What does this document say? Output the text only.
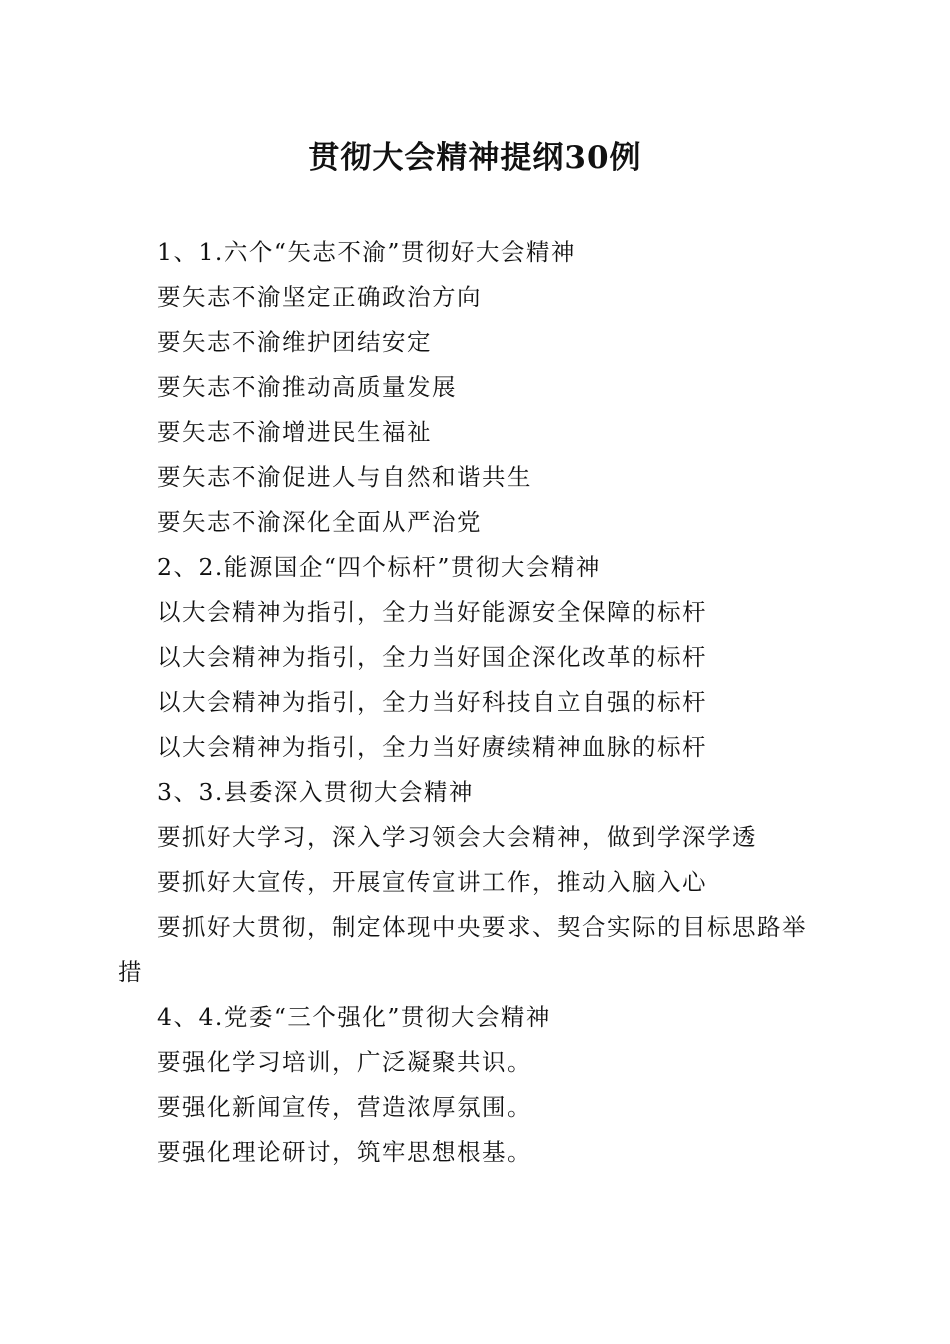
贯彻大会精神提纲30例

1、1.六个“矢志不渝”贯彻好大会精神

要矢志不渝坚定正确政治方向

要矢志不渝维护团结安定

要矢志不渝推动高质量发展

要矢志不渝增进民生福祉

要矢志不渝促进人与自然和谐共生

要矢志不渝深化全面从严治党

2、2.能源国企“四个标杆”贯彻大会精神

以大会精神为指引，全力当好能源安全保障的标杆

以大会精神为指引，全力当好国企深化改革的标杆

以大会精神为指引，全力当好科技自立自强的标杆

以大会精神为指引，全力当好赓续精神血脉的标杆

3、3.县委深入贯彻大会精神

要抓好大学习，深入学习领会大会精神，做到学深学透

要抓好大宣传，开展宣传宣讲工作，推动入脑入心

要抓好大贯彻，制定体现中央要求、契合实际的目标思路举措

4、4.党委“三个强化”贯彻大会精神

要强化学习培训，广泛凝聚共识。

要强化新闻宣传，营造浓厚氛围。

要强化理论研讨，筑牢思想根基。
